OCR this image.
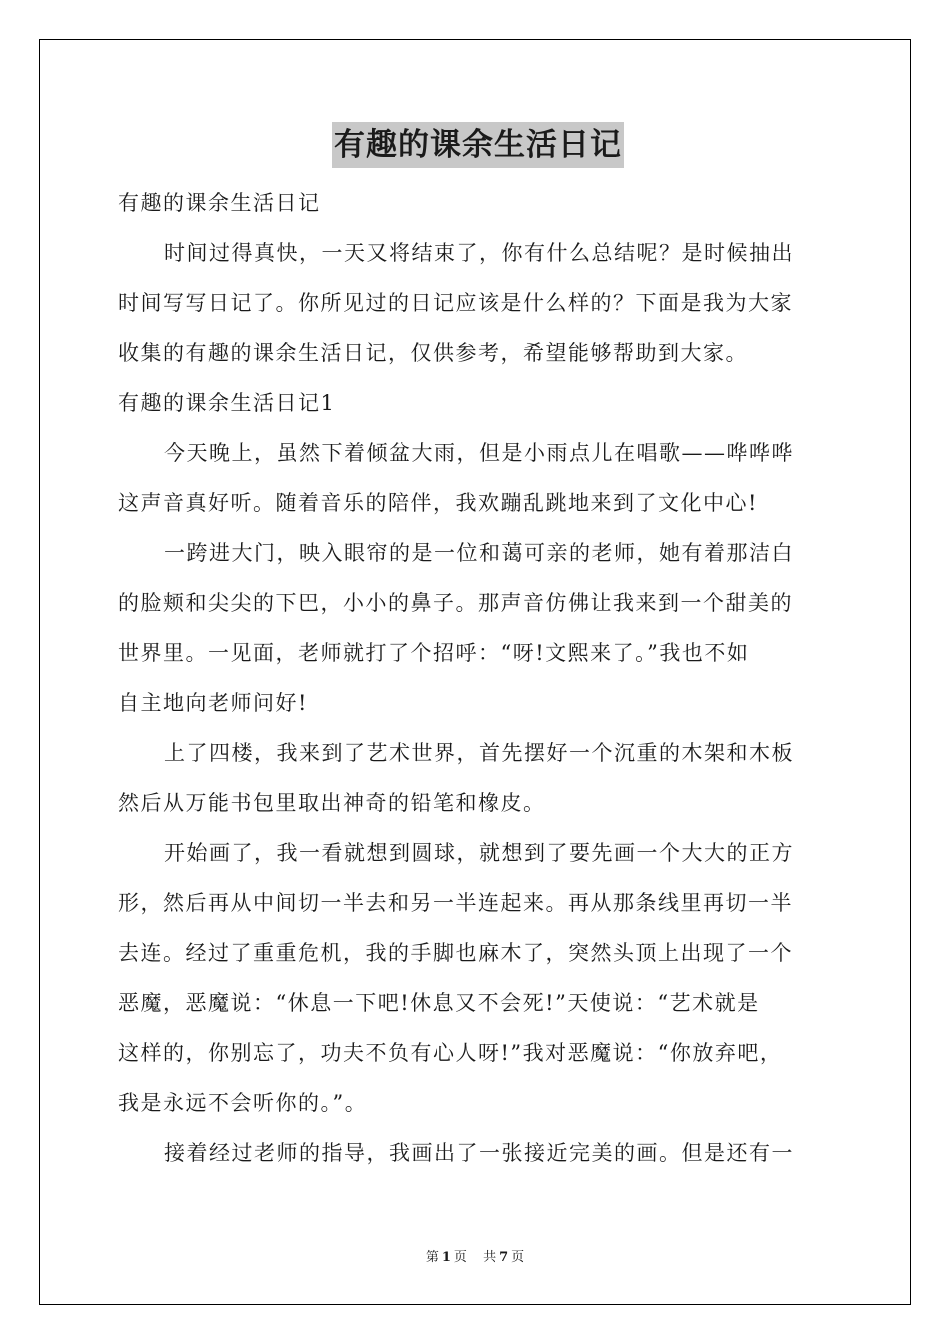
有趣的课余生活日记
有趣的课余生活日记
时间过得真快，一天又将结束了，你有什么总结呢？是时候抽出
时间写写日记了。你所见过的日记应该是什么样的？下面是我为大家
收集的有趣的课余生活日记，仅供参考，希望能够帮助到大家。
有趣的课余生活日记1
今天晚上，虽然下着倾盆大雨，但是小雨点儿在唱歌——哗哗哗
这声音真好听。随着音乐的陪伴，我欢蹦乱跳地来到了文化中心!
一跨进大门，映入眼帘的是一位和蔼可亲的老师，她有着那洁白
的脸颊和尖尖的下巴，小小的鼻子。那声音仿佛让我来到一个甜美的
世界里。一见面，老师就打了个招呼：“呀!文熙来了。”我也不如
自主地向老师问好!
上了四楼，我来到了艺术世界，首先摆好一个沉重的木架和木板
然后从万能书包里取出神奇的铅笔和橡皮。
开始画了，我一看就想到圆球，就想到了要先画一个大大的正方
形，然后再从中间切一半去和另一半连起来。再从那条线里再切一半
去连。经过了重重危机，我的手脚也麻木了，突然头顶上出现了一个
恶魔，恶魔说：“休息一下吧!休息又不会死!”天使说：“艺术就是
这样的，你别忘了，功夫不负有心人呀!”我对恶魔说：“你放弃吧，
我是永远不会听你的。”。
接着经过老师的指导，我画出了一张接近完美的画。但是还有一
第 1 页 共 7 页
